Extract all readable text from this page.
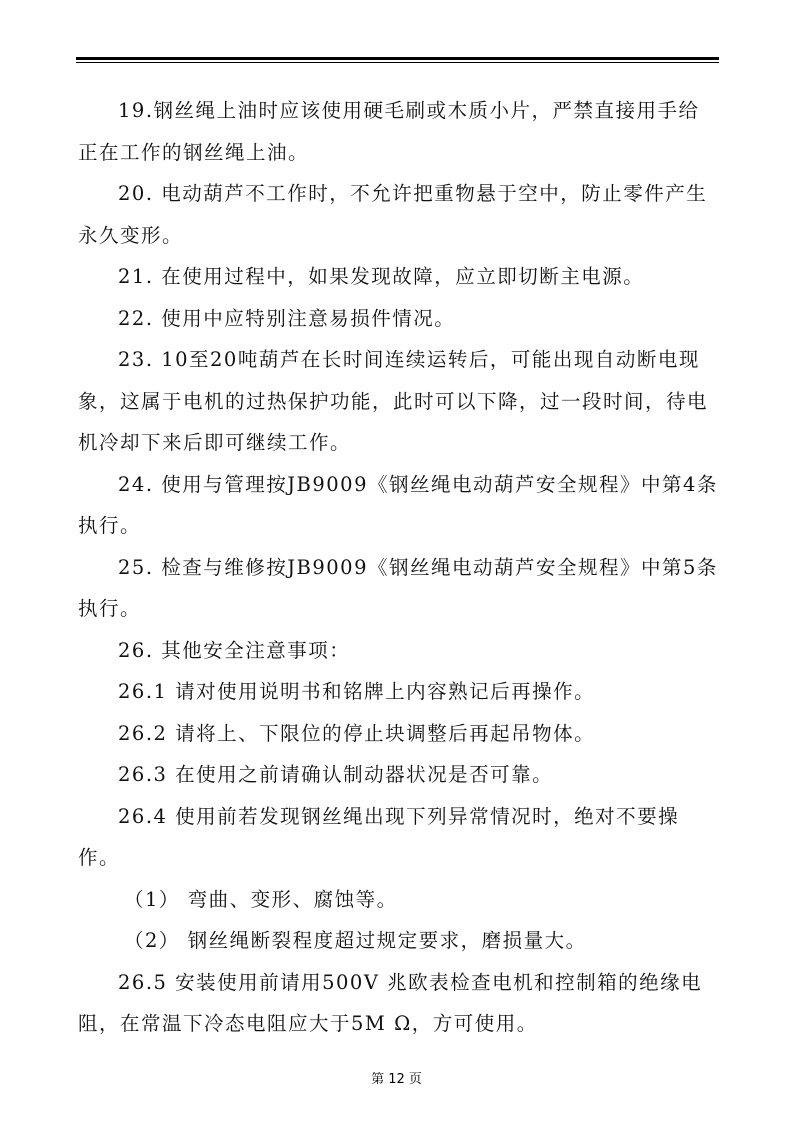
19.钢丝绳上油时应该使用硬毛刷或木质小片，严禁直接用手给正在工作的钢丝绳上油。

20. 电动葫芦不工作时，不允许把重物悬于空中，防止零件产生永久变形。

21. 在使用过程中，如果发现故障，应立即切断主电源。

22. 使用中应特别注意易损件情况。

23. 10至20吨葫芦在长时间连续运转后，可能出现自动断电现象，这属于电机的过热保护功能，此时可以下降，过一段时间，待电机冷却下来后即可继续工作。

24. 使用与管理按JB9009《钢丝绳电动葫芦安全规程》中第4条执行。

25. 检查与维修按JB9009《钢丝绳电动葫芦安全规程》中第5条执行。

26. 其他安全注意事项：

26.1 请对使用说明书和铭牌上内容熟记后再操作。

26.2 请将上、下限位的停止块调整后再起吊物体。

26.3 在使用之前请确认制动器状况是否可靠。

26.4 使用前若发现钢丝绳出现下列异常情况时，绝对不要操作。

（1） 弯曲、变形、腐蚀等。

（2） 钢丝绳断裂程度超过规定要求，磨损量大。

26.5 安装使用前请用500V 兆欧表检查电机和控制箱的绝缘电阻，在常温下冷态电阻应大于5M Ω，方可使用。

第 12 页
